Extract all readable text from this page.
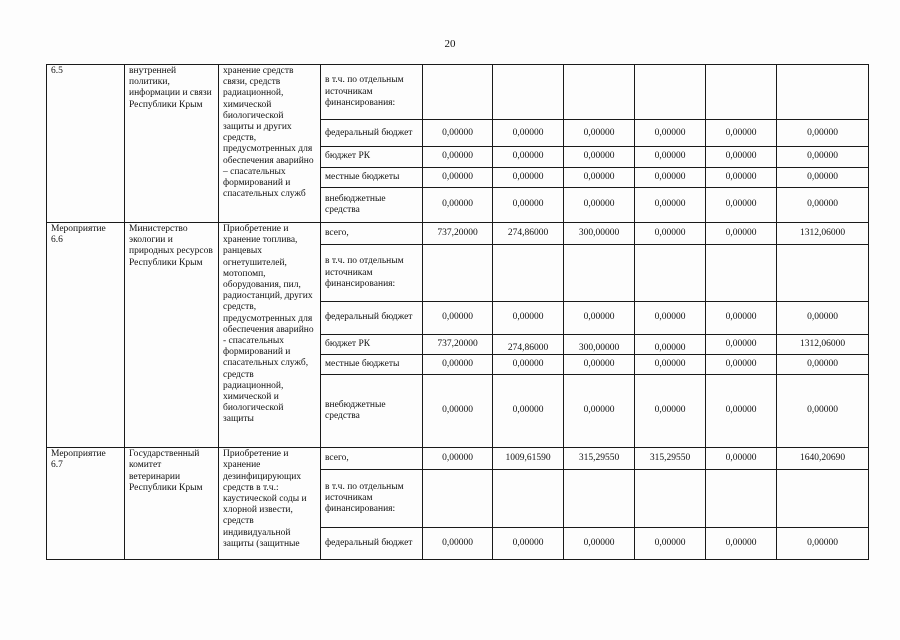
20
6.5	внутренней политики, информации и связи Республики Крым	хранение средств связи, средств радиационной, химической биологической защиты и других средств, предусмотренных для обеспечения аварийно – спасательных формирований и спасательных служб	в т.ч. по отдельным источникам финансирования:						
			федеральный бюджет	0,00000	0,00000	0,00000	0,00000	0,00000	0,00000
			бюджет РК	0,00000	0,00000	0,00000	0,00000	0,00000	0,00000
			местные бюджеты	0,00000	0,00000	0,00000	0,00000	0,00000	0,00000
			внебюджетные средства	0,00000	0,00000	0,00000	0,00000	0,00000	0,00000
Мероприятие 6.6	Министерство экологии и природных ресурсов Республики Крым	Приобретение и хранение топлива, ранцевых огнетушителей, мотопомп, оборудования, пил, радиостанций, других средств, предусмотренных для обеспечения аварийно - спасательных формирований и спасательных служб, средств радиационной, химической и биологической защиты	всего,	737,20000	274,86000	300,00000	0,00000	0,00000	1312,06000
			в т.ч. по отдельным источникам финансирования:						
			федеральный бюджет	0,00000	0,00000	0,00000	0,00000	0,00000	0,00000
			бюджет РК	737,20000	274,86000	300,00000	0,00000	0,00000	1312,06000
			местные бюджеты	0,00000	0,00000	0,00000	0,00000	0,00000	0,00000
			внебюджетные средства	0,00000	0,00000	0,00000	0,00000	0,00000	0,00000
Мероприятие 6.7	Государственный комитет ветеринарии Республики Крым	Приобретение и хранение дезинфицирующих средств в т.ч.: каустической соды и хлорной извести, средств индивидуальной защиты (защитные	всего,	0,00000	1009,61590	315,29550	315,29550	0,00000	1640,20690
			в т.ч. по отдельным источникам финансирования:						
			федеральный бюджет	0,00000	0,00000	0,00000	0,00000	0,00000	0,00000
